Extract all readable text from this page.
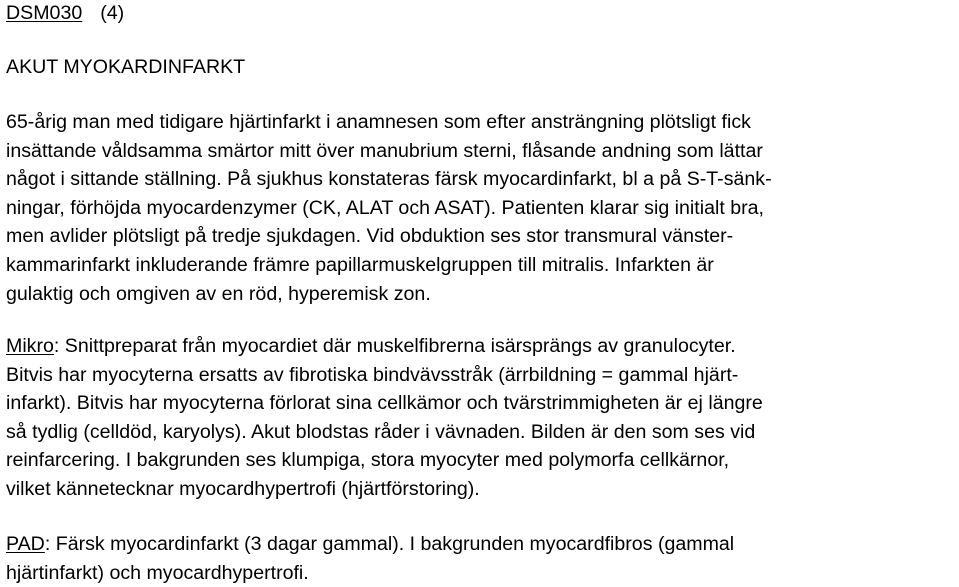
DSM030 (4)
AKUT MYOKARDINFARKT

65-årig man med tidigare hjärtinfarkt i anamnesen som efter ansträngning plötsligt fick
insättande våldsamma smärtor mitt över manubrium sterni, flåsande andning som lättar
något i sittande ställning. På sjukhus konstateras färsk myocardinfarkt, bl a på S-T-sänk-
ningar, förhöjda myocardenzymer (CK, ALAT och ASAT). Patienten klarar sig initialt bra,
men avlider plötsligt på tredje sjukdagen. Vid obduktion ses stor transmural vänster-
kammarinfarkt inkluderande främre papillarmuskelgruppen till mitralis. Infarkten är
gulaktig och omgiven av en röd, hyperemisk zon.

Mikro: Snittpreparat från myocardiet där muskelfibrerna isärsprängs av granulocyter.
Bitvis har myocyterna ersatts av fibrotiska bindvävsstråk (ärrbildning = gammal hjärt-
infarkt). Bitvis har myocyterna förlorat sina cellkämor och tvärstrimmigheten är ej längre
så tydlig (celldöd, karyolys). Akut blodstas råder i vävnaden. Bilden är den som ses vid
reinfarcering. I bakgrunden ses klumpiga, stora myocyter med polymorfa cellkärnor,
vilket kännetecknar myocardhypertrofi (hjärtförstoring).

PAD: Färsk myocardinfarkt (3 dagar gammal). I bakgrunden myocardfibros (gammal
hjärtinfarkt) och myocardhypertrofi.
